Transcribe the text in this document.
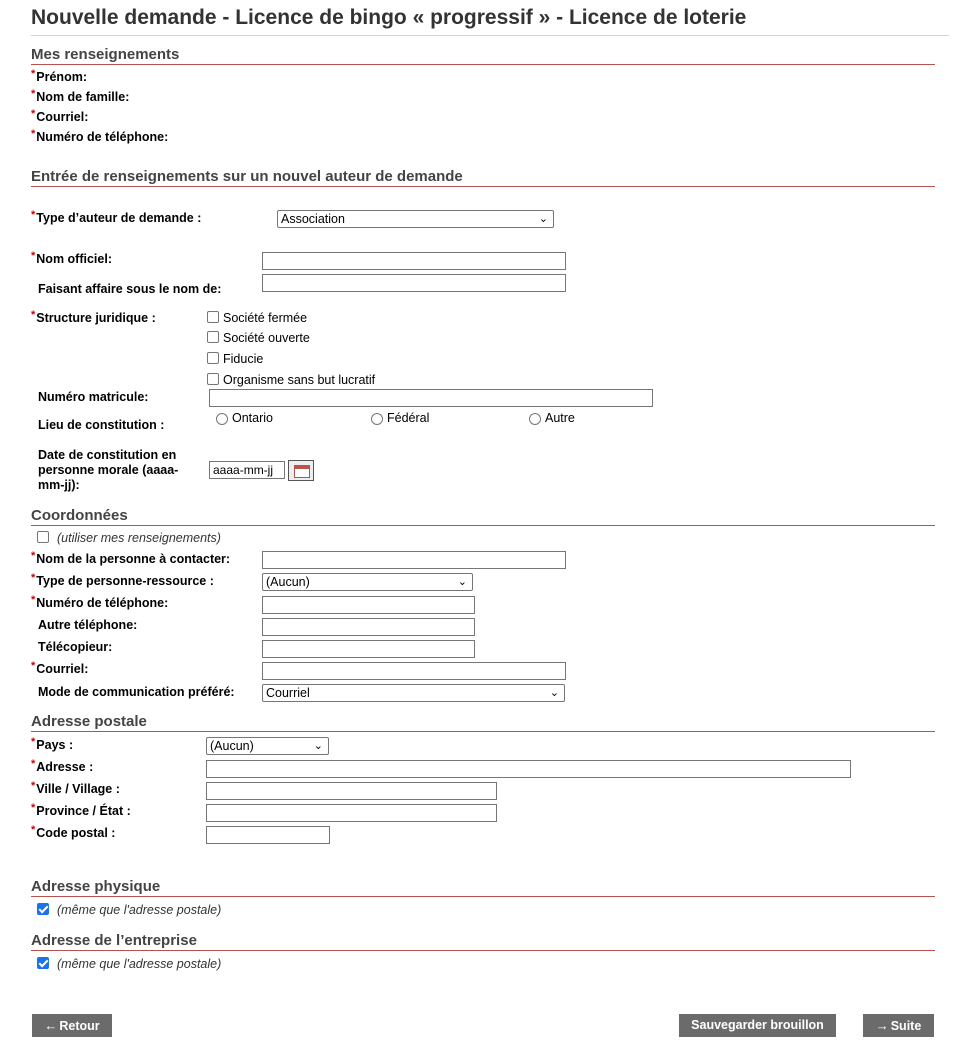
Nouvelle demande - Licence de bingo « progressif » - Licence de loterie
Mes renseignements
*Prénom:
*Nom de famille:
*Courriel:
*Numéro de téléphone:
Entrée de renseignements sur un nouvel auteur de demande
*Type d’auteur de demande :	Association	⌄
*Nom officiel:
Faisant affaire sous le nom de:
*Structure juridique :	Société fermée
Société ouverte
Fiducie
Organisme sans but lucratif
Numéro matricule:
Lieu de constitution :	Ontario	Fédéral	Autre
Date de constitution en personne morale (aaaa-mm-jj):
aaaa-mm-jj
Coordonnées
(utiliser mes renseignements)
*Nom de la personne à contacter:
*Type de personne-ressource :	(Aucun)	⌄
*Numéro de téléphone:
Autre téléphone:
Télécopieur:
*Courriel:
Mode de communication préféré:	Courriel	⌄
Adresse postale
*Pays :	(Aucun)	⌄
*Adresse :
*Ville / Village :
*Province / État :
*Code postal :
Adresse physique
(même que l'adresse postale)
Adresse de l’entreprise
(même que l'adresse postale)
← Retour	Sauvegarder brouillon	→ Suite
